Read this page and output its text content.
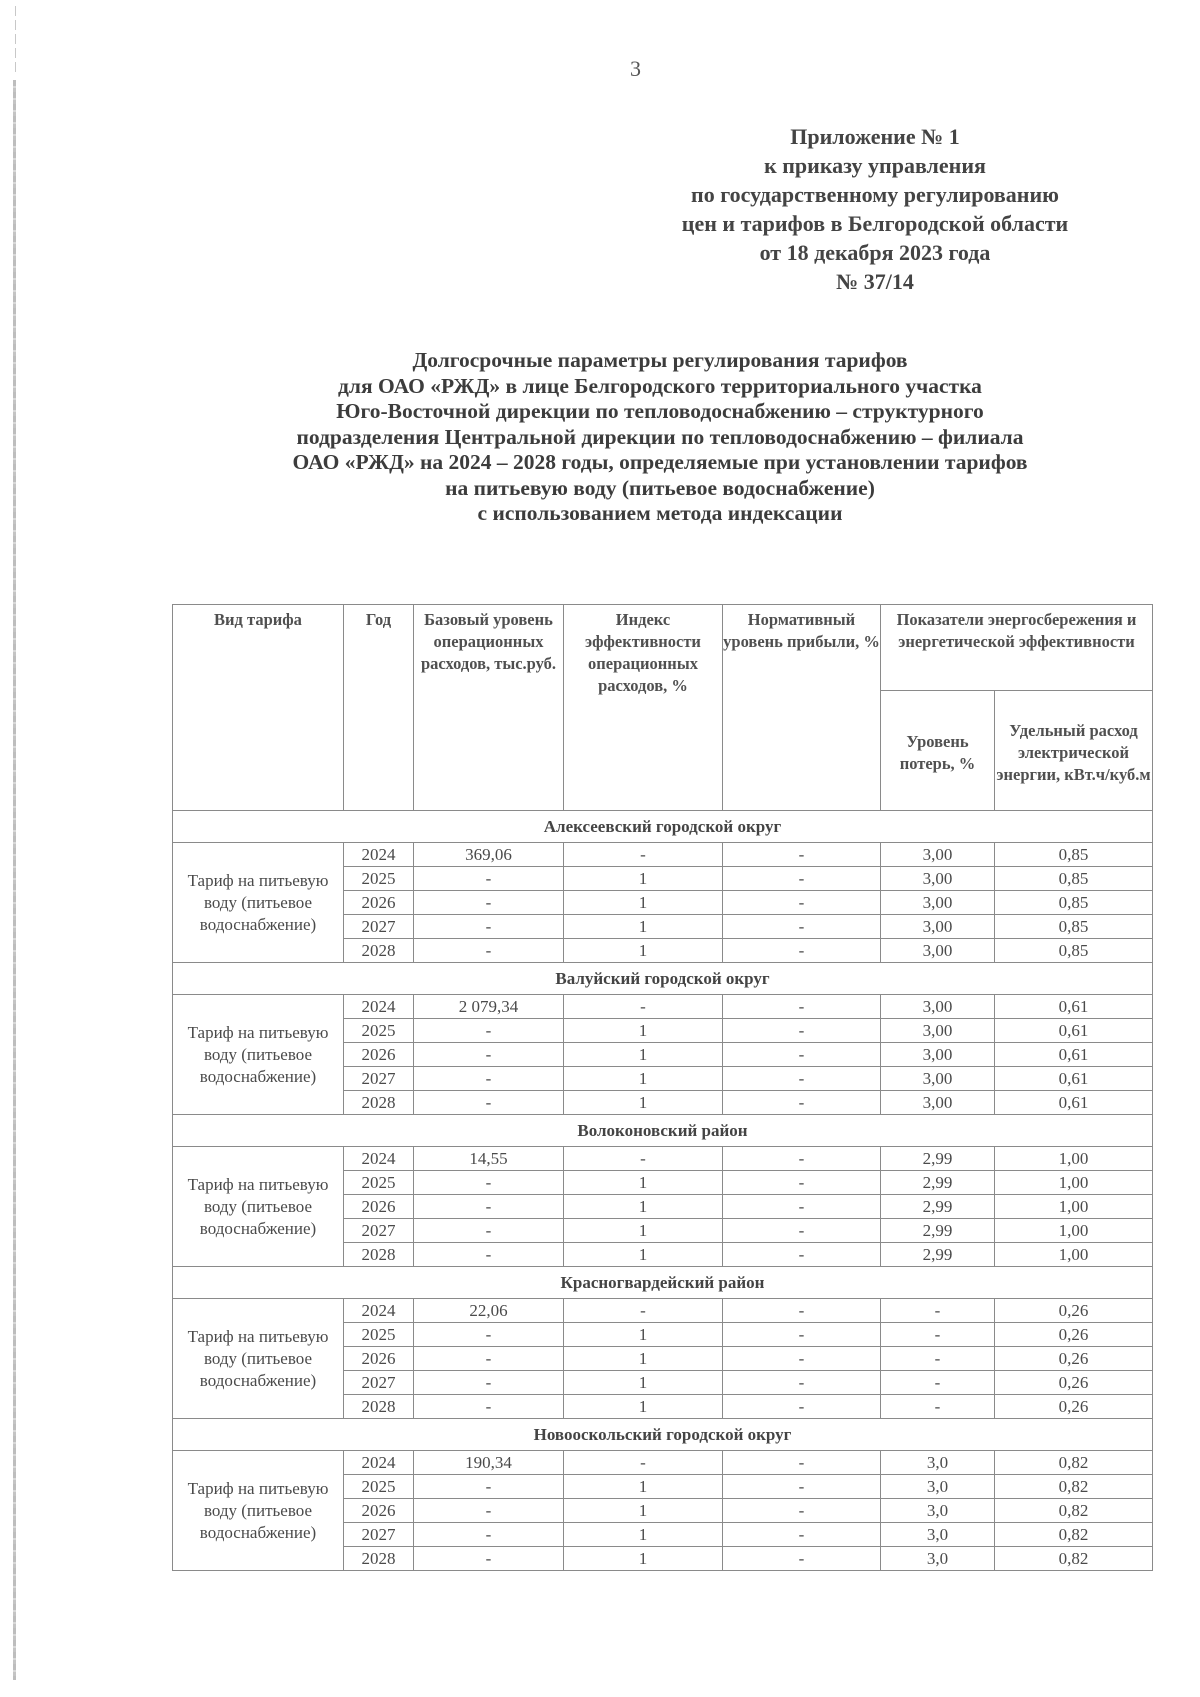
3
Приложение № 1
к приказу управления
по государственному регулированию
цен и тарифов в Белгородской области
от 18 декабря 2023 года
№ 37/14
Долгосрочные параметры регулирования тарифов
для ОАО «РЖД» в лице Белгородского территориального участка
Юго-Восточной дирекции по тепловодоснабжению – структурного
подразделения Центральной дирекции по тепловодоснабжению – филиала
ОАО «РЖД» на 2024 – 2028 годы, определяемые при установлении тарифов
на питьевую воду (питьевое водоснабжение)
с использованием метода индексации
Вид тарифа	Год	Базовый уровень операционных расходов, тыс.руб.	Индекс эффективности операционных расходов, %	Нормативный уровень прибыли, %	Показатели энергосбережения и энергетической эффективности	
					Уровень потерь, %	Удельный расход электрической энергии, кВт.ч/куб.м
Алексеевский городской округ						
Тариф на питьевую воду (питьевое водоснабжение)	2024	369,06	-	-	3,00	0,85
	2025	-	1	-	3,00	0,85
	2026	-	1	-	3,00	0,85
	2027	-	1	-	3,00	0,85
	2028	-	1	-	3,00	0,85
Валуйский городской округ						
Тариф на питьевую воду (питьевое водоснабжение)	2024	2 079,34	-	-	3,00	0,61
	2025	-	1	-	3,00	0,61
	2026	-	1	-	3,00	0,61
	2027	-	1	-	3,00	0,61
	2028	-	1	-	3,00	0,61
Волоконовский район						
Тариф на питьевую воду (питьевое водоснабжение)	2024	14,55	-	-	2,99	1,00
	2025	-	1	-	2,99	1,00
	2026	-	1	-	2,99	1,00
	2027	-	1	-	2,99	1,00
	2028	-	1	-	2,99	1,00
Красногвардейский район						
Тариф на питьевую воду (питьевое водоснабжение)	2024	22,06	-	-	-	0,26
	2025	-	1	-	-	0,26
	2026	-	1	-	-	0,26
	2027	-	1	-	-	0,26
	2028	-	1	-	-	0,26
Новооскольский городской округ						
Тариф на питьевую воду (питьевое водоснабжение)	2024	190,34	-	-	3,0	0,82
	2025	-	1	-	3,0	0,82
	2026	-	1	-	3,0	0,82
	2027	-	1	-	3,0	0,82
	2028	-	1	-	3,0	0,82
